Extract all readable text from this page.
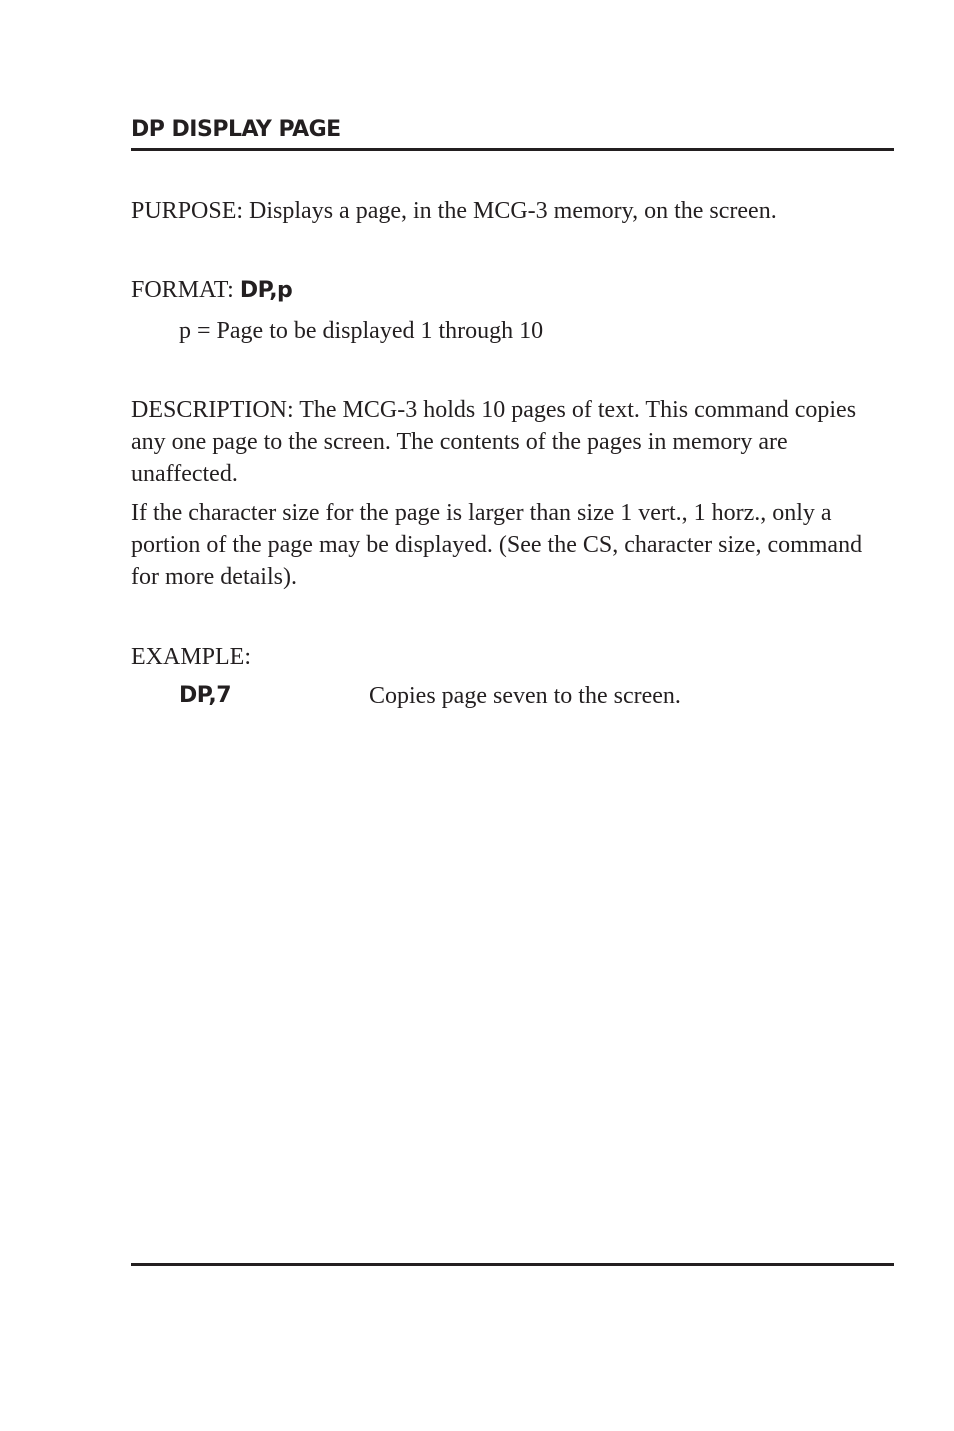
DP DISPLAY PAGE

PURPOSE: Displays a page, in the MCG-3 memory, on the screen.

FORMAT: DP,p

p = Page to be displayed 1 through 10

DESCRIPTION: The MCG-3 holds 10 pages of text. This command copies any one page to the screen. The contents of the pages in memory are unaffected.

If the character size for the page is larger than size 1 vert., 1 horz., only a portion of the page may be displayed. (See the CS, character size, command for more details).

EXAMPLE:

DP,7	Copies page seven to the screen.
